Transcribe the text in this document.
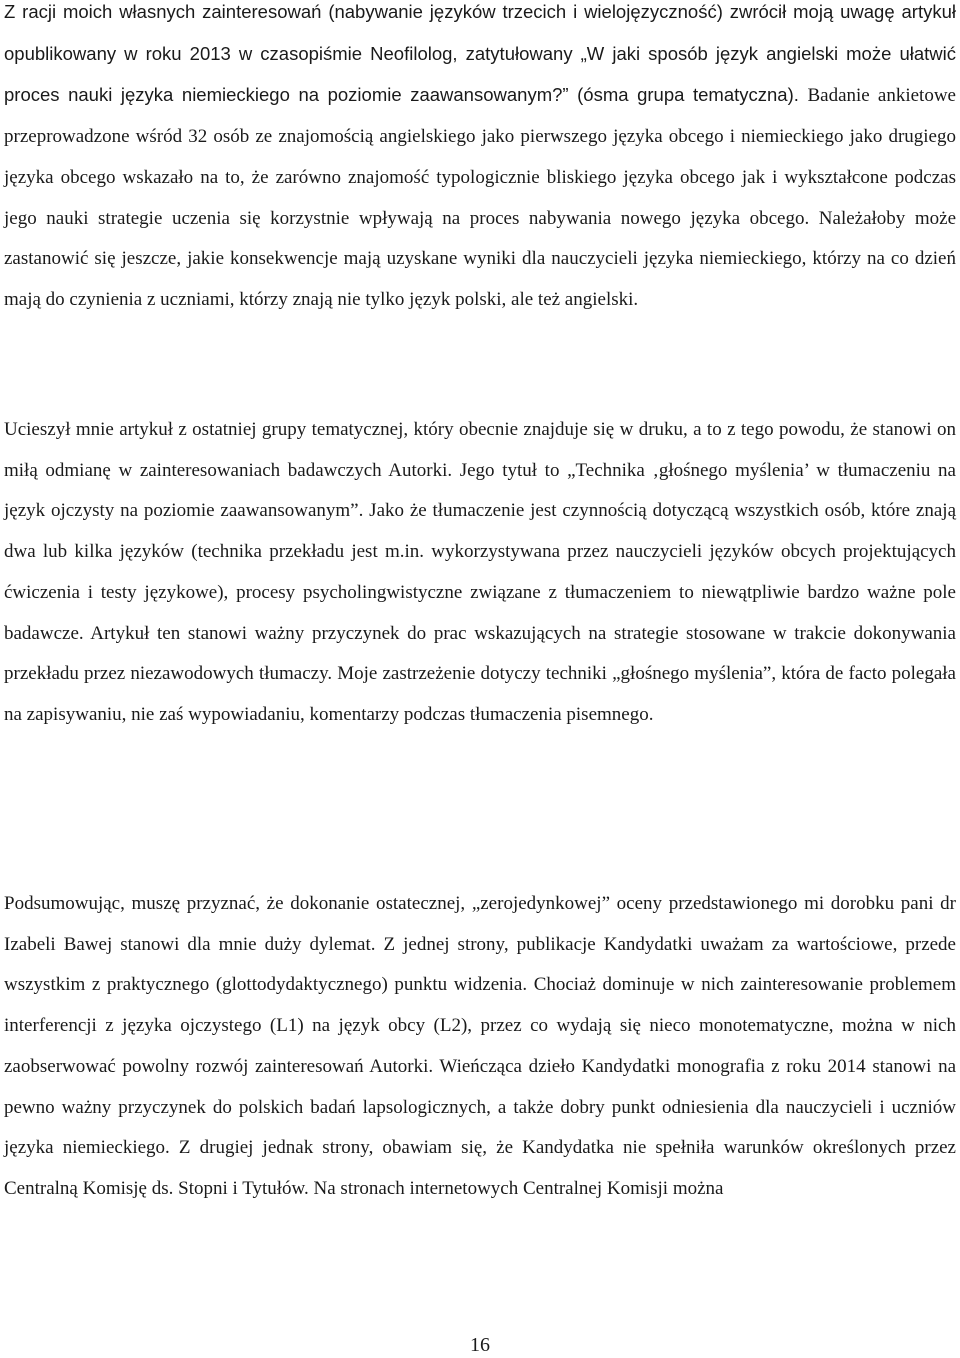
Z racji moich własnych zainteresowań (nabywanie języków trzecich i wielojęzyczność) zwrócił moją uwagę artykuł opublikowany w roku 2013 w czasopiśmie Neofilolog, zatytułowany „W jaki sposób język angielski może ułatwić proces nauki języka niemieckiego na poziomie zaawansowanym?” (ósma grupa tematyczna). Badanie ankietowe przeprowadzone wśród 32 osób ze znajomością angielskiego jako pierwszego języka obcego i niemieckiego jako drugiego języka obcego wskazało na to, że zarówno znajomość typologicznie bliskiego języka obcego jak i wykształcone podczas jego nauki strategie uczenia się korzystnie wpływają na proces nabywania nowego języka obcego. Należałoby może zastanowić się jeszcze, jakie konsekwencje mają uzyskane wyniki dla nauczycieli języka niemieckiego, którzy na co dzień mają do czynienia z uczniami, którzy znają nie tylko język polski, ale też angielski.

Ucieszył mnie artykuł z ostatniej grupy tematycznej, który obecnie znajduje się w druku, a to z tego powodu, że stanowi on miłą odmianę w zainteresowaniach badawczych Autorki. Jego tytuł to „Technika ‚głośnego myślenia’ w tłumaczeniu na język ojczysty na poziomie zaawansowanym”. Jako że tłumaczenie jest czynnością dotyczącą wszystkich osób, które znają dwa lub kilka języków (technika przekładu jest m.in. wykorzystywana przez nauczycieli języków obcych projektujących ćwiczenia i testy językowe), procesy psycholingwistyczne związane z tłumaczeniem to niewątpliwie bardzo ważne pole badawcze. Artykuł ten stanowi ważny przyczynek do prac wskazujących na strategie stosowane w trakcie dokonywania przekładu przez niezawodowych tłumaczy. Moje zastrzeżenie dotyczy techniki „głośnego myślenia”, która de facto polegała na zapisywaniu, nie zaś wypowiadaniu, komentarzy podczas tłumaczenia pisemnego.

Podsumowując, muszę przyznać, że dokonanie ostatecznej, „zerojedynkowej” oceny przedstawionego mi dorobku pani dr Izabeli Bawej stanowi dla mnie duży dylemat. Z jednej strony, publikacje Kandydatki uważam za wartościowe, przede wszystkim z praktycznego (glottodydaktycznego) punktu widzenia. Chociaż dominuje w nich zainteresowanie problemem interferencji z języka ojczystego (L1) na język obcy (L2), przez co wydają się nieco monotematyczne, można w nich zaobserwować powolny rozwój zainteresowań Autorki. Wieńcząca dzieło Kandydatki monografia z roku 2014 stanowi na pewno ważny przyczynek do polskich badań lapsologicznych, a także dobry punkt odniesienia dla nauczycieli i uczniów języka niemieckiego. Z drugiej jednak strony, obawiam się, że Kandydatka nie spełniła warunków określonych przez Centralną Komisję ds. Stopni i Tytułów. Na stronach internetowych Centralnej Komisji można

16
